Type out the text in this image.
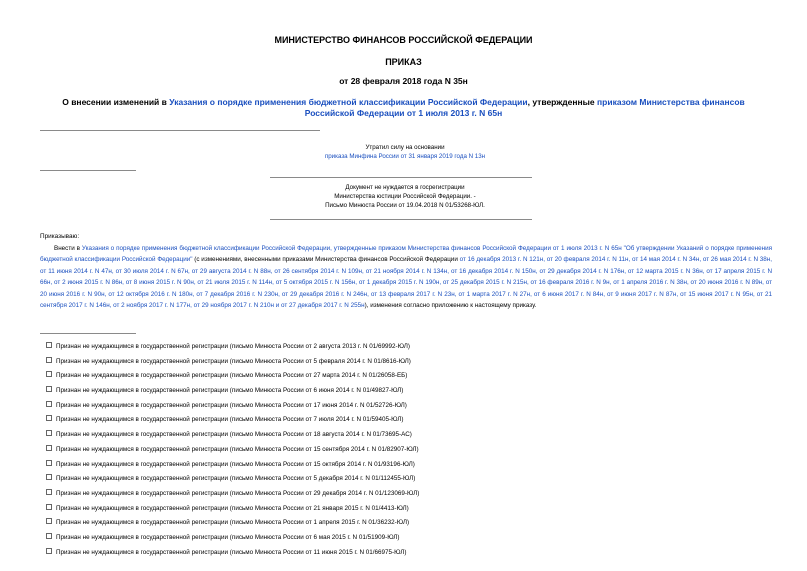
МИНИСТЕРСТВО ФИНАНСОВ РОССИЙСКОЙ ФЕДЕРАЦИИ
ПРИКАЗ
от 28 февраля 2018 года N 35н
О внесении изменений в Указания о порядке применения бюджетной классификации Российской Федерации, утвержденные приказом Министерства финансов Российской Федерации от 1 июля 2013 г. N 65н
Утратил силу на основании
приказа Минфина России от 31 января 2019 года N 13н
Документ не нуждается в госрегистрации
Министерства юстиции Российской Федерации. -
Письмо Минюста России от 19.04.2018 N 01/53268-ЮЛ.
Приказываю:
Внести в Указания о порядке применения бюджетной классификации Российской Федерации, утвержденные приказом Министерства финансов Российской Федерации от 1 июля 2013 г. N 65н "Об утверждении Указаний о порядке применения бюджетной классификации Российской Федерации" (с изменениями, внесенными приказами Министерства финансов Российской Федерации от 16 декабря 2013 г. N 121н, от 20 февраля 2014 г. N 11н, от 14 мая 2014 г. N 34н, от 26 мая 2014 г. N 38н, от 11 июня 2014 г. N 47н, от 30 июля 2014 г. N 67н, от 29 августа 2014 г. N 88н, от 26 сентября 2014 г. N 109н, от 21 ноября 2014 г. N 134н, от 16 декабря 2014 г. N 150н, от 29 декабря 2014 г. N 176н, от 12 марта 2015 г. N 36н, от 17 апреля 2015 г. N 66н, от 2 июня 2015 г. N 86н, от 8 июня 2015 г. N 90н, от 21 июля 2015 г. N 114н, от 5 октября 2015 г. N 156н, от 1 декабря 2015 г. N 190н, от 25 декабря 2015 г. N 215н, от 16 февраля 2016 г. N 9н, от 1 апреля 2016 г. N 38н, от 20 июня 2016 г. N 89н, от 20 июня 2016 г. N 90н, от 12 октября 2016 г. N 180н, от 7 декабря 2016 г. N 230н, от 29 декабря 2016 г. N 246н, от 13 февраля 2017 г. N 23н, от 1 марта 2017 г. N 27н, от 6 июня 2017 г. N 84н, от 9 июня 2017 г. N 87н, от 15 июня 2017 г. N 95н, от 21 сентября 2017 г. N 146н, от 2 ноября 2017 г. N 177н, от 29 ноября 2017 г. N 210н и от 27 декабря 2017 г. N 255н), изменения согласно приложению к настоящему приказу.
Признан не нуждающимся в государственной регистрации (письмо Минюста России от 2 августа 2013 г. N 01/69992-ЮЛ)
Признан не нуждающимся в государственной регистрации (письмо Минюста России от 5 февраля 2014 г. N 01/8616-ЮЛ)
Признан не нуждающимся в государственной регистрации (письмо Минюста России от 27 марта 2014 г. N 01/26058-ЕБ)
Признан не нуждающимся в государственной регистрации (письмо Минюста России от 6 июня 2014 г. N 01/49827-ЮЛ)
Признан не нуждающимся в государственной регистрации (письмо Минюста России от 17 июня 2014 г. N 01/52726-ЮЛ)
Признан не нуждающимся в государственной регистрации (письмо Минюста России от 7 июля 2014 г. N 01/59405-ЮЛ)
Признан не нуждающимся в государственной регистрации (письмо Минюста России от 18 августа 2014 г. N 01/73695-АС)
Признан не нуждающимся в государственной регистрации (письмо Минюста России от 15 сентября 2014 г. N 01/82907-ЮЛ)
Признан не нуждающимся в государственной регистрации (письмо Минюста России от 15 октября 2014 г. N 01/93196-ЮЛ)
Признан не нуждающимся в государственной регистрации (письмо Минюста России от 5 декабря 2014 г. N 01/112455-ЮЛ)
Признан не нуждающимся в государственной регистрации (письмо Минюста России от 29 декабря 2014 г. N 01/123069-ЮЛ)
Признан не нуждающимся в государственной регистрации (письмо Минюста России от 21 января 2015 г. N 01/4413-ЮЛ)
Признан не нуждающимся в государственной регистрации (письмо Минюста России от 1 апреля 2015 г. N 01/36232-ЮЛ)
Признан не нуждающимся в государственной регистрации (письмо Минюста России от 6 мая 2015 г. N 01/51909-ЮЛ)
Признан не нуждающимся в государственной регистрации (письмо Минюста России от 11 июня 2015 г. N 01/66975-ЮЛ)
